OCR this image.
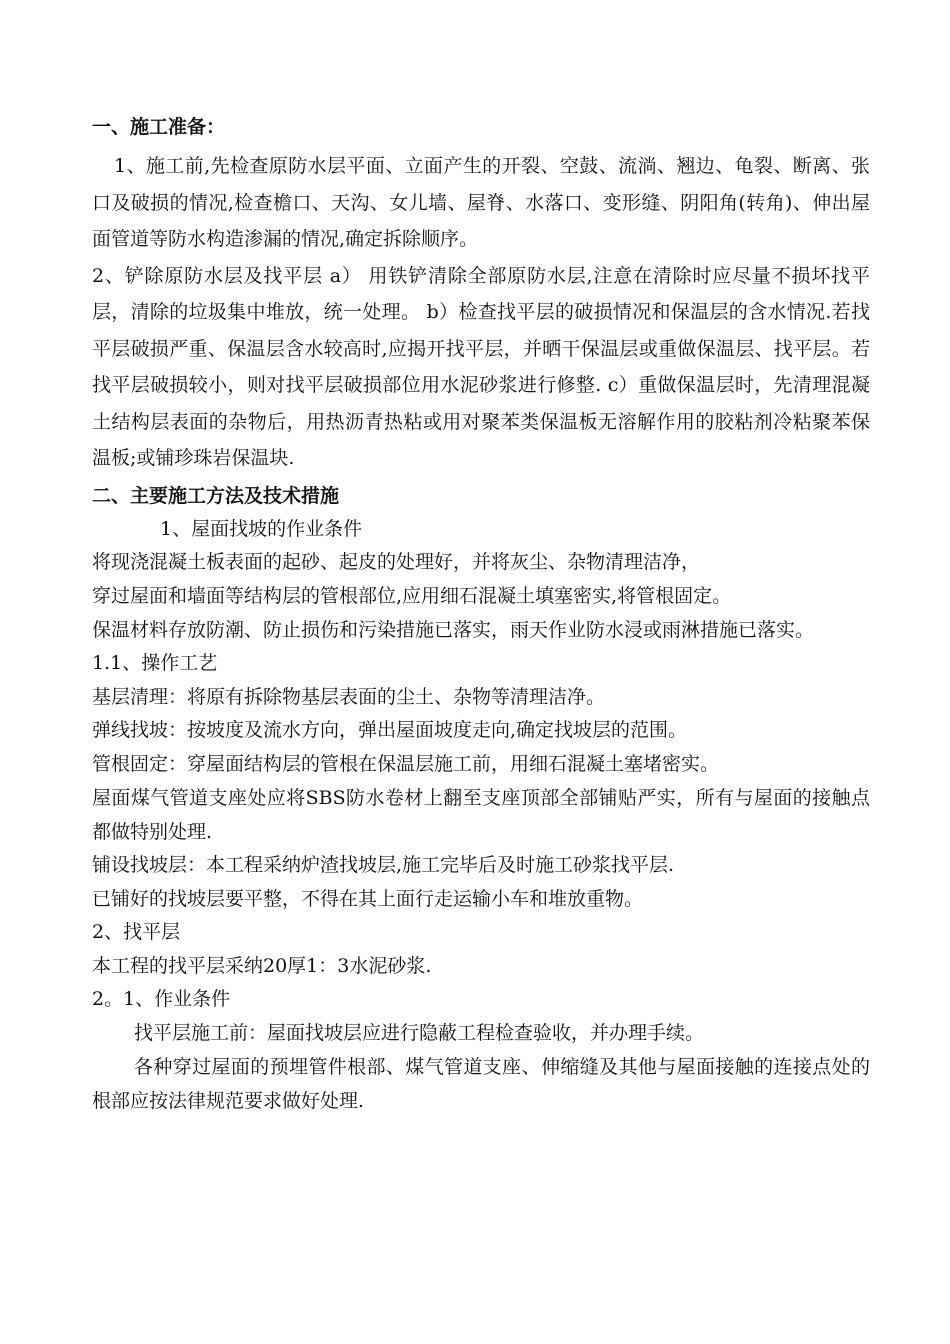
一、施工准备：

1、施工前,先检查原防水层平面、立面产生的开裂、空鼓、流淌、翘边、龟裂、断离、张口及破损的情况,检查檐口、天沟、女儿墙、屋脊、水落口、变形缝、阴阳角(转角)、伸出屋面管道等防水构造渗漏的情况,确定拆除顺序。

2、铲除原防水层及找平层 a） 用铁铲清除全部原防水层,注意在清除时应尽量不损坏找平层，清除的垃圾集中堆放，统一处理。 b）检查找平层的破损情况和保温层的含水情况.若找平层破损严重、保温层含水较高时,应揭开找平层，并晒干保温层或重做保温层、找平层。若找平层破损较小，则对找平层破损部位用水泥砂浆进行修整. c）重做保温层时，先清理混凝土结构层表面的杂物后，用热沥青热粘或用对聚苯类保温板无溶解作用的胶粘剂冷粘聚苯保温板;或铺珍珠岩保温块.

二、主要施工方法及技术措施

1、屋面找坡的作业条件

将现浇混凝土板表面的起砂、起皮的处理好，并将灰尘、杂物清理洁净，

穿过屋面和墙面等结构层的管根部位,应用细石混凝土填塞密实,将管根固定。

保温材料存放防潮、防止损伤和污染措施已落实，雨天作业防水浸或雨淋措施已落实。

1.1、操作工艺

基层清理：将原有拆除物基层表面的尘土、杂物等清理洁净。

弹线找坡：按坡度及流水方向，弹出屋面坡度走向,确定找坡层的范围。

管根固定：穿屋面结构层的管根在保温层施工前，用细石混凝土塞堵密实。

屋面煤气管道支座处应将SBS防水卷材上翻至支座顶部全部铺贴严实，所有与屋面的接触点都做特别处理.

铺设找坡层：本工程采纳炉渣找坡层,施工完毕后及时施工砂浆找平层.

已铺好的找坡层要平整，不得在其上面行走运输小车和堆放重物。

2、找平层

本工程的找平层采纳20厚1：3水泥砂浆.

2。1、作业条件

找平层施工前：屋面找坡层应进行隐蔽工程检查验收，并办理手续。

各种穿过屋面的预埋管件根部、煤气管道支座、伸缩缝及其他与屋面接触的连接点处的根部应按法律规范要求做好处理.
